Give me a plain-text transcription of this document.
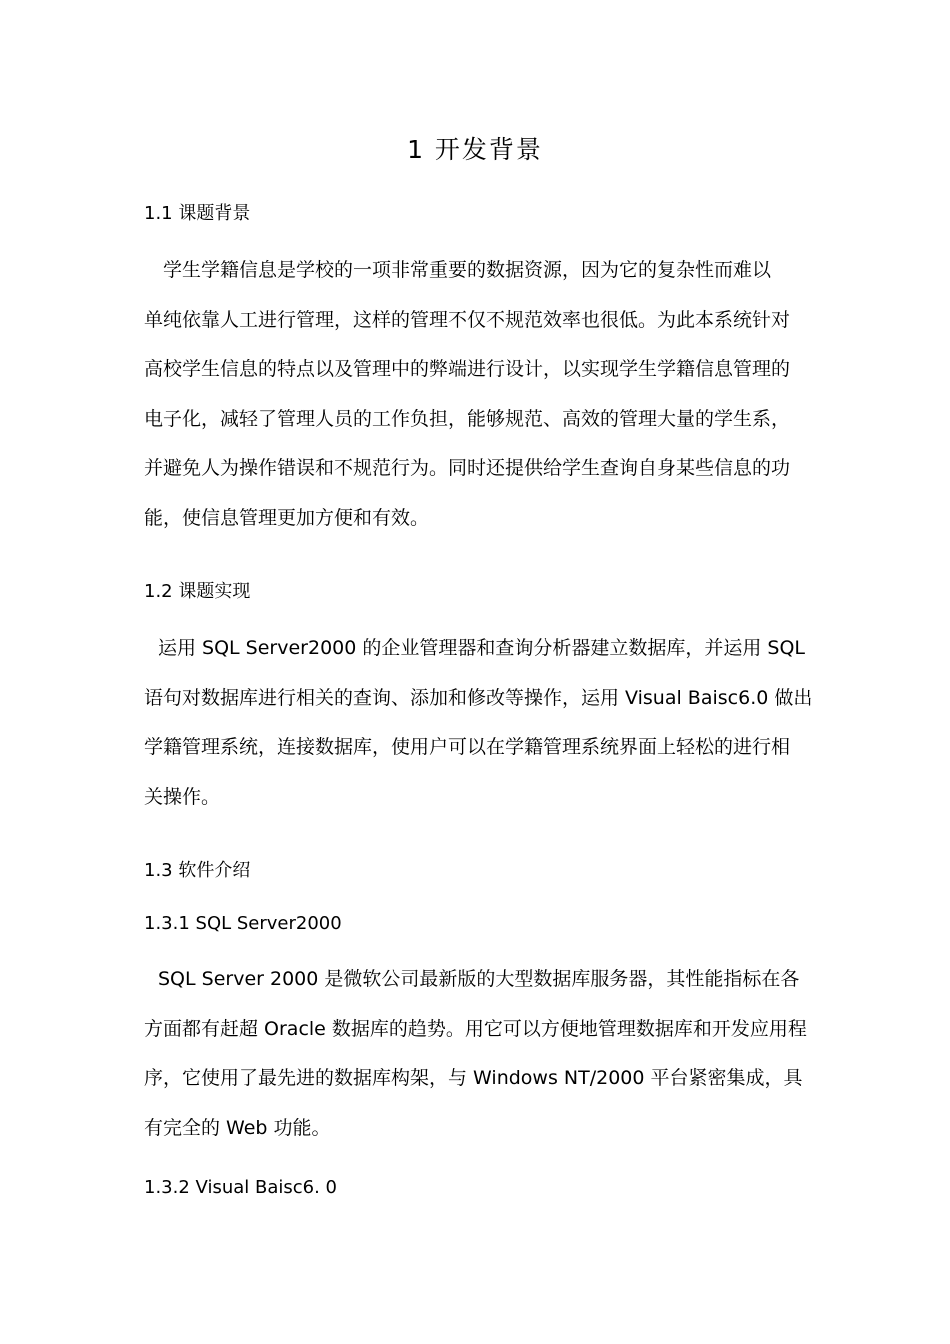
1 开发背景
1.1 课题背景
学生学籍信息是学校的一项非常重要的数据资源，因为它的复杂性而难以
单纯依靠人工进行管理，这样的管理不仅不规范效率也很低。为此本系统针对
高校学生信息的特点以及管理中的弊端进行设计，以实现学生学籍信息管理的
电子化，减轻了管理人员的工作负担，能够规范、高效的管理大量的学生系，
并避免人为操作错误和不规范行为。同时还提供给学生查询自身某些信息的功
能，使信息管理更加方便和有效。
1.2 课题实现
运用 SQL Server2000 的企业管理器和查询分析器建立数据库，并运用 SQL
语句对数据库进行相关的查询、添加和修改等操作，运用 Visual Baisc6.0 做出
学籍管理系统，连接数据库，使用户可以在学籍管理系统界面上轻松的进行相
关操作。
1.3 软件介绍
1.3.1 SQL Server2000
SQL Server 2000 是微软公司最新版的大型数据库服务器，其性能指标在各
方面都有赶超 Oracle 数据库的趋势。用它可以方便地管理数据库和开发应用程
序，它使用了最先进的数据库构架，与 Windows NT/2000 平台紧密集成，具
有完全的 Web 功能。
1.3.2 Visual Baisc6. 0
